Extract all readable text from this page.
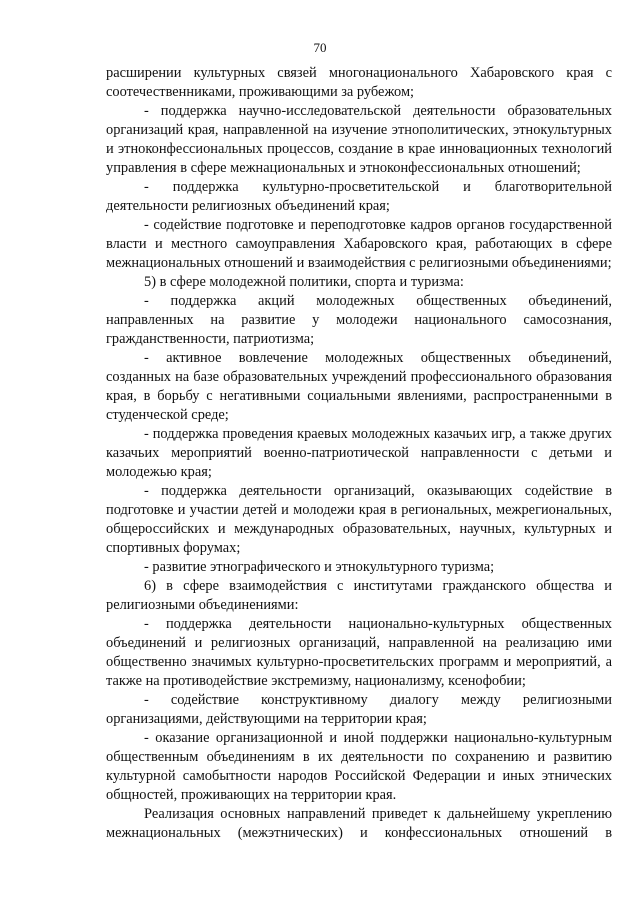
70

расширении культурных связей многонационального Хабаровского края с соотечественниками, проживающими за рубежом;

- поддержка научно-исследовательской деятельности образовательных организаций края, направленной на изучение этнополитических, этнокультурных и этноконфессиональных процессов, создание в крае инновационных технологий управления в сфере межнациональных и этноконфессиональных отношений;

- поддержка культурно-просветительской и благотворительной деятельности религиозных объединений края;

- содействие подготовке и переподготовке кадров органов государственной власти и местного самоуправления Хабаровского края, работающих в сфере межнациональных отношений и взаимодействия с религиозными объединениями;

5) в сфере молодежной политики, спорта и туризма:

- поддержка акций молодежных общественных объединений, направленных на развитие у молодежи национального самосознания, гражданственности, патриотизма;

- активное вовлечение молодежных общественных объединений, созданных на базе образовательных учреждений профессионального образования края, в борьбу с негативными социальными явлениями, распространенными в студенческой среде;

- поддержка проведения краевых молодежных казачьих игр, а также других казачьих мероприятий военно-патриотической направленности с детьми и молодежью края;

- поддержка деятельности организаций, оказывающих содействие в подготовке и участии детей и молодежи края в региональных, межрегиональных, общероссийских и международных образовательных, научных, культурных и спортивных форумах;

- развитие этнографического и этнокультурного туризма;

6) в сфере взаимодействия с институтами гражданского общества и религиозными объединениями:

- поддержка деятельности национально-культурных общественных объединений и религиозных организаций, направленной на реализацию ими общественно значимых культурно-просветительских программ и мероприятий, а также на противодействие экстремизму, национализму, ксенофобии;

- содействие конструктивному диалогу между религиозными организациями, действующими на территории края;

- оказание организационной и иной поддержки национально-культурным общественным объединениям в их деятельности по сохранению и развитию культурной самобытности народов Российской Федерации и иных этнических общностей, проживающих на территории края.

Реализация основных направлений приведет к дальнейшему укреплению межнациональных (межэтнических) и конфессиональных отношений в
